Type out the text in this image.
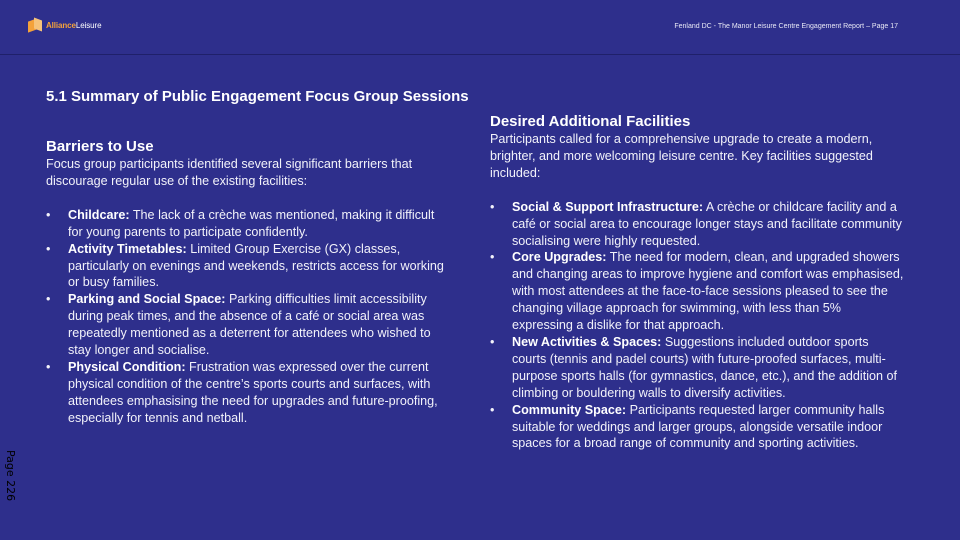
AllianceLeisure	Fenland DC - The Manor Leisure Centre Engagement Report – Page 17
5.1 Summary of Public Engagement Focus Group Sessions
Barriers to Use

Focus group participants identified several significant barriers that discourage regular use of the existing facilities:

• Childcare: The lack of a crèche was mentioned, making it difficult for young parents to participate confidently.
• Activity Timetables: Limited Group Exercise (GX) classes, particularly on evenings and weekends, restricts access for working or busy families.
• Parking and Social Space: Parking difficulties limit accessibility during peak times, and the absence of a café or social area was repeatedly mentioned as a deterrent for attendees who wished to stay longer and socialise.
• Physical Condition: Frustration was expressed over the current physical condition of the centre’s sports courts and surfaces, with attendees emphasising the need for upgrades and future-proofing, especially for tennis and netball.
Desired Additional Facilities

Participants called for a comprehensive upgrade to create a modern, brighter, and more welcoming leisure centre. Key facilities suggested included:

• Social & Support Infrastructure: A crèche or childcare facility and a café or social area to encourage longer stays and facilitate community socialising were highly requested.
• Core Upgrades: The need for modern, clean, and upgraded showers and changing areas to improve hygiene and comfort was emphasised, with most attendees at the face-to-face sessions pleased to see the changing village approach for swimming, with less than 5% expressing a dislike for that approach.
• New Activities & Spaces: Suggestions included outdoor sports courts (tennis and padel courts) with future-proofed surfaces, multi-purpose sports halls (for gymnastics, dance, etc.), and the addition of climbing or bouldering walls to diversify activities.
• Community Space: Participants requested larger community halls suitable for weddings and larger groups, alongside versatile indoor spaces for a broad range of community and sporting activities.
Page 226
